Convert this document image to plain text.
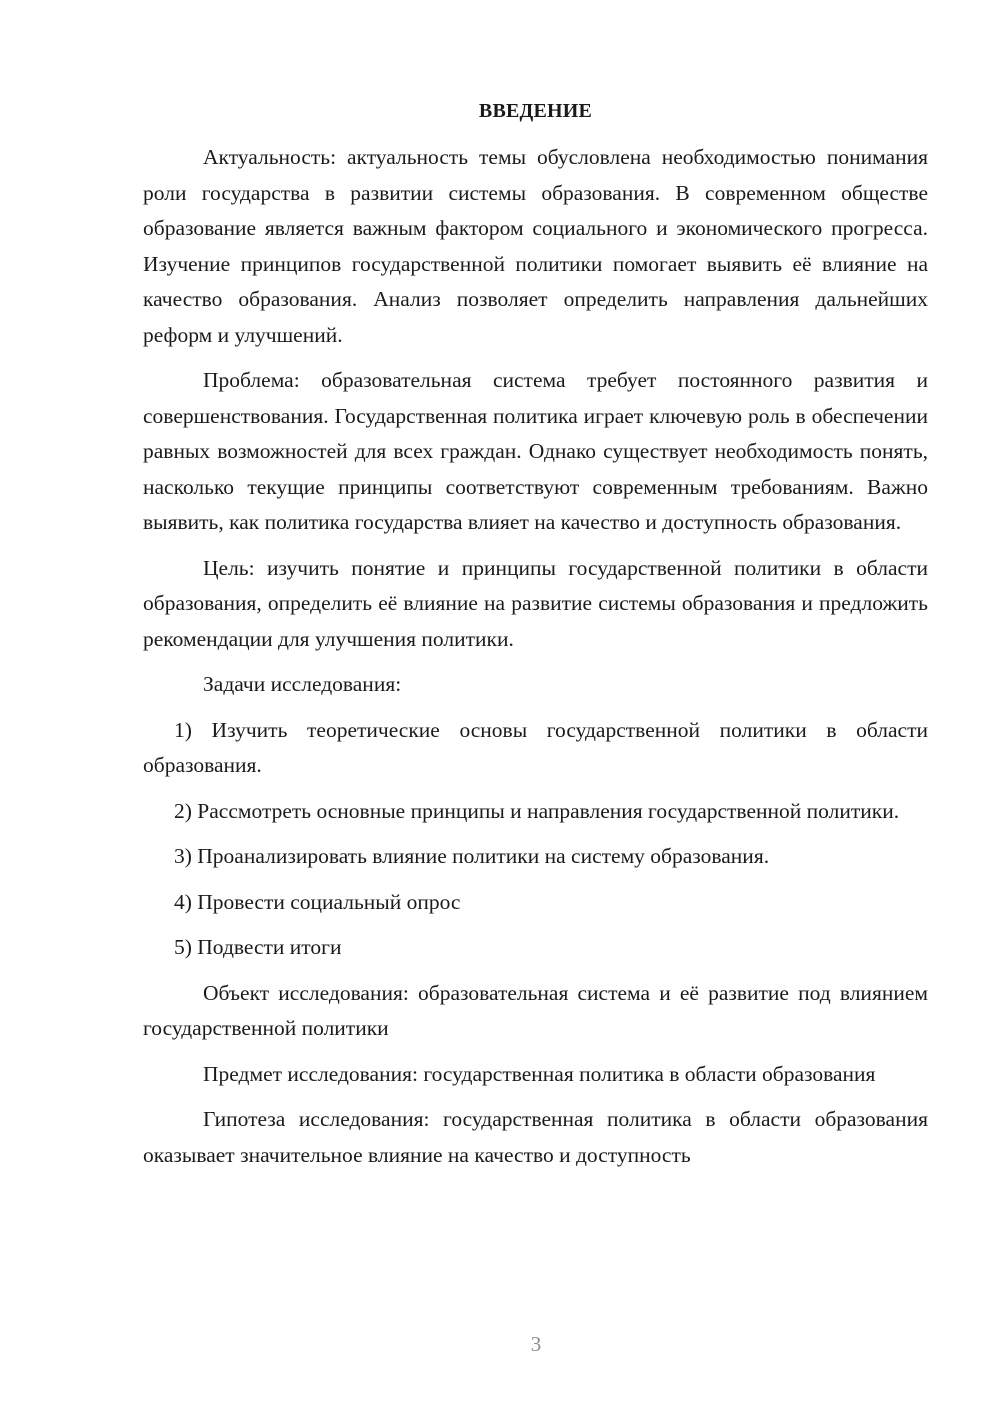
ВВЕДЕНИЕ

Актуальность: актуальность темы обусловлена необходимостью понимания роли государства в развитии системы образования. В современном обществе образование является важным фактором социального и экономического прогресса. Изучение принципов государственной политики помогает выявить её влияние на качество образования. Анализ позволяет определить направления дальнейших реформ и улучшений.

Проблема: образовательная система требует постоянного развития и совершенствования. Государственная политика играет ключевую роль в обеспечении равных возможностей для всех граждан. Однако существует необходимость понять, насколько текущие принципы соответствуют современным требованиям. Важно выявить, как политика государства влияет на качество и доступность образования.

Цель: изучить понятие и принципы государственной политики в области образования, определить её влияние на развитие системы образования и предложить рекомендации для улучшения политики.

Задачи исследования:

1) Изучить теоретические основы государственной политики в области образования.

2) Рассмотреть основные принципы и направления государственной политики.

3) Проанализировать влияние политики на систему образования.

4) Провести социальный опрос

5) Подвести итоги

Объект исследования: образовательная система и её развитие под влиянием государственной политики

Предмет исследования: государственная политика в области образования

Гипотеза исследования: государственная политика в области образования оказывает значительное влияние на качество и доступность

3
